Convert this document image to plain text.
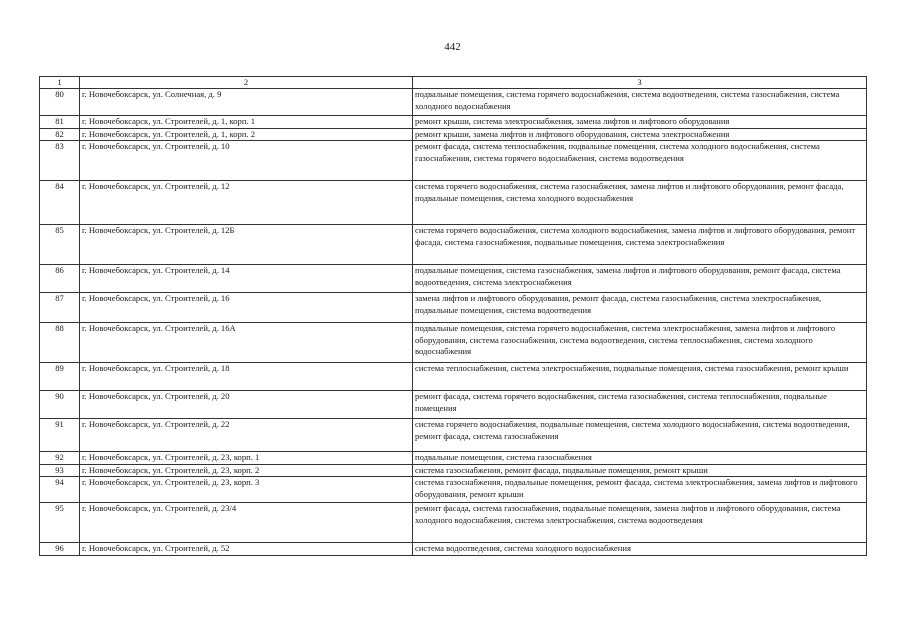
442
1	2	3
80	г. Новочебоксарск, ул. Солнечная, д. 9	подвальные помещения, система горячего водоснабжения, система водоотведения, система газоснабжения, система холодного водоснабжения
81	г. Новочебоксарск, ул. Строителей, д. 1, корп. 1	ремонт крыши, система электроснабжения, замена лифтов и лифтового оборудования
82	г. Новочебоксарск, ул. Строителей, д. 1, корп. 2	ремонт крыши, замена лифтов и лифтового оборудования, система электроснабжения
83	г. Новочебоксарск, ул. Строителей, д. 10	ремонт фасада, система теплоснабжения, подвальные помещения, система холодного водоснабжения, система газоснабжения, система горячего водоснабжения, система водоотведения
84	г. Новочебоксарск, ул. Строителей, д. 12	система горячего водоснабжения, система газоснабжения, замена лифтов и лифтового оборудования, ремонт фасада, подвальные помещения, система холодного водоснабжения
85	г. Новочебоксарск, ул. Строителей, д. 12Б	система горячего водоснабжения, система холодного водоснабжения, замена лифтов и лифтового оборудования, ремонт фасада, система газоснабжения, подвальные помещения, система электроснабжения
86	г. Новочебоксарск, ул. Строителей, д. 14	подвальные помещения, система газоснабжения, замена лифтов и лифтового оборудования, ремонт фасада, система водоотведения, система электроснабжения
87	г. Новочебоксарск, ул. Строителей, д. 16	замена лифтов и лифтового оборудования, ремонт фасада, система газоснабжения, система электроснабжения, подвальные помещения, система водоотведения
88	г. Новочебоксарск, ул. Строителей, д. 16А	подвальные помещения, система горячего водоснабжения, система электроснабжения, замена лифтов и лифтового оборудования, система газоснабжения, система водоотведения, система теплоснабжения, система холодного водоснабжения
89	г. Новочебоксарск, ул. Строителей, д. 18	система теплоснабжения, система электроснабжения, подвальные помещения, система газоснабжения, ремонт крыши
90	г. Новочебоксарск, ул. Строителей, д. 20	ремонт фасада, система горячего водоснабжения, система газоснабжения, система теплоснабжения, подвальные помещения
91	г. Новочебоксарск, ул. Строителей, д. 22	система горячего водоснабжения, подвальные помещения, система холодного водоснабжения, система водоотведения, ремонт фасада, система газоснабжения
92	г. Новочебоксарск, ул. Строителей, д. 23, корп. 1	подвальные помещения, система газоснабжения
93	г. Новочебоксарск, ул. Строителей, д. 23, корп. 2	система газоснабжения, ремонт фасада, подвальные помещения, ремонт крыши
94	г. Новочебоксарск, ул. Строителей, д. 23, корп. 3	система газоснабжения, подвальные помещения, ремонт фасада, система электроснабжения, замена лифтов и лифтового оборудования, ремонт крыши
95	г. Новочебоксарск, ул. Строителей, д. 23/4	ремонт фасада, система газоснабжения, подвальные помещения, замена лифтов и лифтового оборудования, система холодного водоснабжения, система электроснабжения, система водоотведения
96	г. Новочебоксарск, ул. Строителей, д. 52	система водоотведения, система холодного водоснабжения
